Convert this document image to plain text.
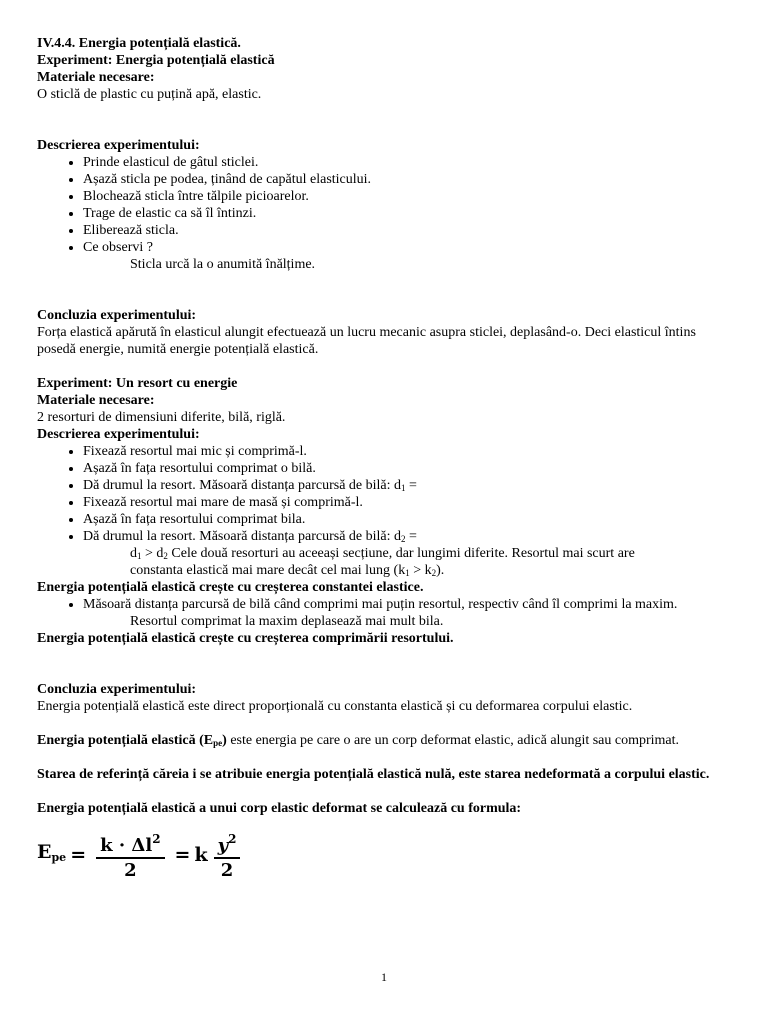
IV.4.4. Energia potențială elastică.

Experiment: Energia potențială elastică

Materiale necesare:

O sticlă de plastic cu puțină apă, elastic.

Descrierea experimentului:

• Prinde elasticul de gâtul sticlei.
• Așază sticla pe podea, ținând de capătul elasticului.
• Blochează sticla între tălpile picioarelor.
• Trage de elastic ca să îl întinzi.
• Eliberează sticla.
• Ce observi ?

Sticla urcă la o anumită înălțime.

Concluzia experimentului:

Forța elastică apărută în elasticul alungit efectuează un lucru mecanic asupra sticlei, deplasând-o. Deci elasticul întins posedă energie, numită energie potențială elastică.

Experiment: Un resort cu energie

Materiale necesare:

2 resorturi de dimensiuni diferite, bilă, riglă.

Descrierea experimentului:

• Fixează resortul mai mic și comprimă-l.
• Așază în fața resortului comprimat o bilă.
• Dă drumul la resort. Măsoară distanța parcursă de bilă: $d_1$ =
• Fixează resortul mai mare de masă și comprimă-l.
• Așază în fața resortului comprimat bila.
• Dă drumul la resort. Măsoară distanța parcursă de bilă: $d_2$ =

$d_1 > d_2$ Cele două resorturi au aceeași secțiune, dar lungimi diferite. Resortul mai scurt are

constanta elastică mai mare decât cel mai lung $(k_1 > k_2)$.

Energia potențială elastică crește cu creșterea constantei elastice.

• Măsoară distanța parcursă de bilă când comprimi mai puțin resortul, respectiv când îl comprimi la maxim.

Resortul comprimat la maxim deplasează mai mult bila.

Energia potențială elastică crește cu creșterea comprimării resortului.

Concluzia experimentului:

Energia potențială elastică este direct proporțională cu constanta elastică și cu deformarea corpului elastic.

Energia potențială elastică $(E_{pe})$ este energia pe care o are un corp deformat elastic, adică alungit sau comprimat.

Starea de referință căreia i se atribuie energia potențială elastică nulă, este starea nedeformată a corpului elastic.

Energia potențială elastică a unui corp elastic deformat se calculează cu formula:

Epe = $\frac{k \cdot \Delta l^2}{2} = k \frac{y^2}{2}$
1
